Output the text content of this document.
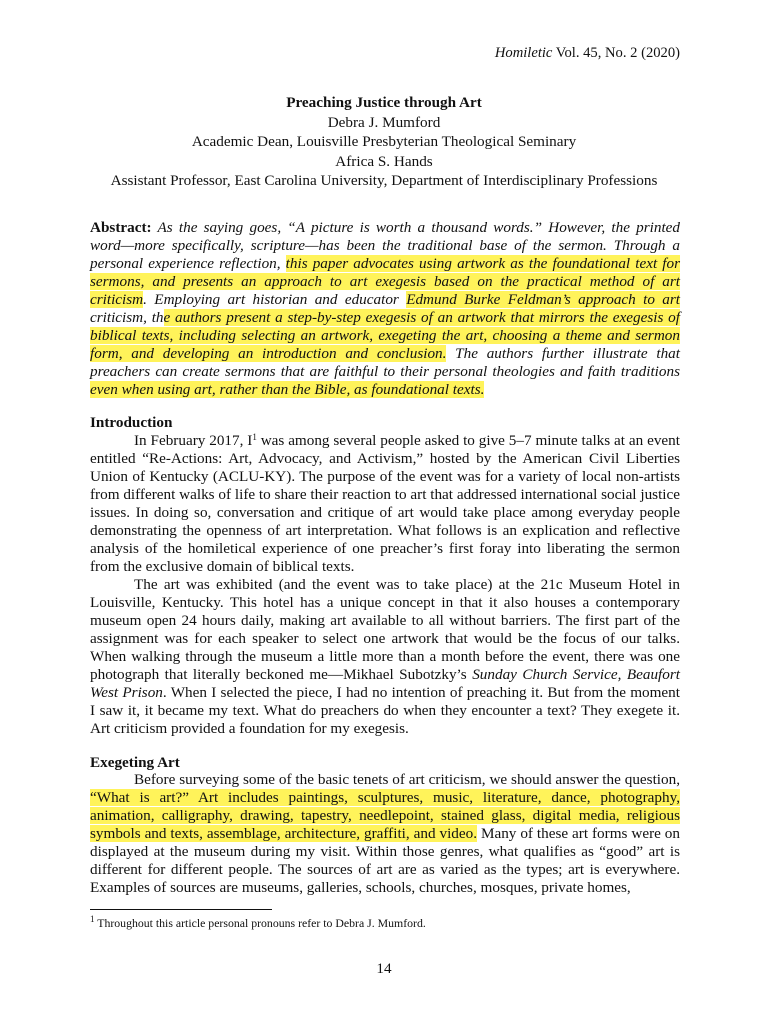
Homiletic Vol. 45, No. 2 (2020)
Preaching Justice through Art
Debra J. Mumford
Academic Dean, Louisville Presbyterian Theological Seminary
Africa S. Hands
Assistant Professor, East Carolina University, Department of Interdisciplinary Professions
Abstract: As the saying goes, “A picture is worth a thousand words.” However, the printed word—more specifically, scripture—has been the traditional base of the sermon. Through a personal experience reflection, this paper advocates using artwork as the foundational text for sermons, and presents an approach to art exegesis based on the practical method of art criticism. Employing art historian and educator Edmund Burke Feldman’s approach to art criticism, the authors present a step-by-step exegesis of an artwork that mirrors the exegesis of biblical texts, including selecting an artwork, exegeting the art, choosing a theme and sermon form, and developing an introduction and conclusion. The authors further illustrate that preachers can create sermons that are faithful to their personal theologies and faith traditions even when using art, rather than the Bible, as foundational texts.
Introduction

In February 2017, $I^1$ was among several people asked to give 5–7 minute talks at an event entitled “Re-Actions: Art, Advocacy, and Activism,” hosted by the American Civil Liberties Union of Kentucky (ACLU-KY). The purpose of the event was for a variety of local non-artists from different walks of life to share their reaction to art that addressed international social justice issues. In doing so, conversation and critique of art would take place among everyday people demonstrating the openness of art interpretation. What follows is an explication and reflective analysis of the homiletical experience of one preacher’s first foray into liberating the sermon from the exclusive domain of biblical texts.

The art was exhibited (and the event was to take place) at the 21c Museum Hotel in Louisville, Kentucky. This hotel has a unique concept in that it also houses a contemporary museum open 24 hours daily, making art available to all without barriers. The first part of the assignment was for each speaker to select one artwork that would be the focus of our talks. When walking through the museum a little more than a month before the event, there was one photograph that literally beckoned me—Mikhael Subotzky’s Sunday Church Service, Beaufort West Prison. When I selected the piece, I had no intention of preaching it. But from the moment I saw it, it became my text. What do preachers do when they encounter a text? They exegete it. Art criticism provided a foundation for my exegesis.

Exegeting Art

Before surveying some of the basic tenets of art criticism, we should answer the question, “What is art?” Art includes paintings, sculptures, music, literature, dance, photography, animation, calligraphy, drawing, tapestry, needlepoint, stained glass, digital media, religious symbols and texts, assemblage, architecture, graffiti, and video. Many of these art forms were on displayed at the museum during my visit. Within those genres, what qualifies as “good” art is different for different people. The sources of art are as varied as the types; art is everywhere. Examples of sources are museums, galleries, schools, churches, mosques, private homes,

$^1$ Throughout this article personal pronouns refer to Debra J. Mumford.
14
